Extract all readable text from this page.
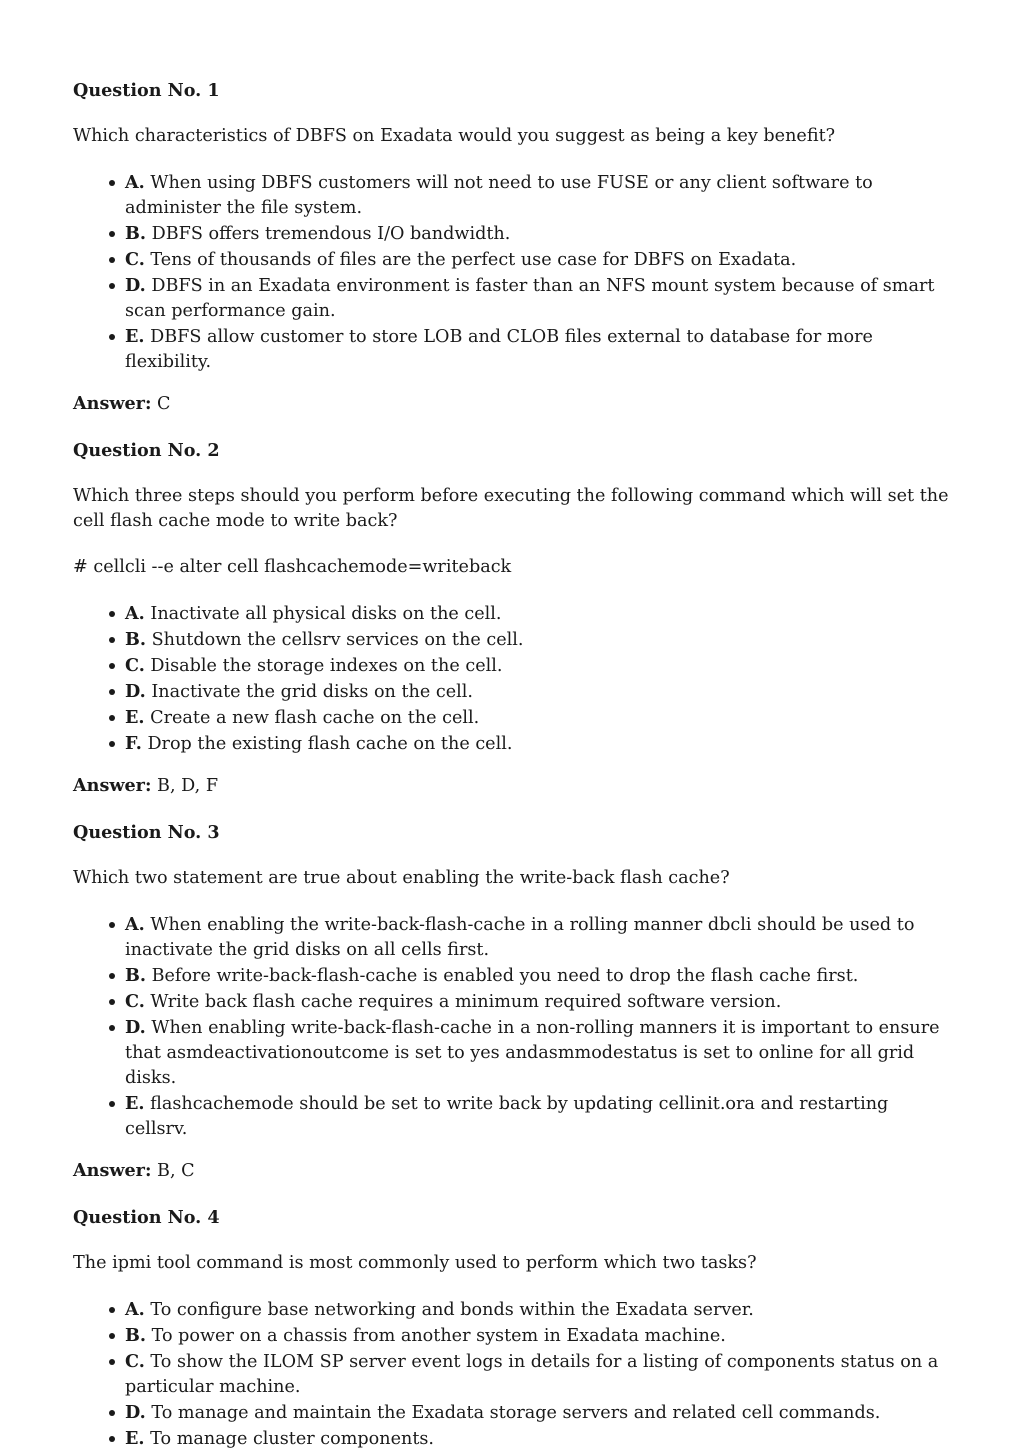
Question No. 1
Which characteristics of DBFS on Exadata would you suggest as being a key benefit?
A. When using DBFS customers will not need to use FUSE or any client software to administer the file system.
B. DBFS offers tremendous I/O bandwidth.
C. Tens of thousands of files are the perfect use case for DBFS on Exadata.
D. DBFS in an Exadata environment is faster than an NFS mount system because of smart scan performance gain.
E. DBFS allow customer to store LOB and CLOB files external to database for more flexibility.
Answer: C
Question No. 2
Which three steps should you perform before executing the following command which will set the cell flash cache mode to write back?
# cellcli --e alter cell flashcachemode=writeback
A. Inactivate all physical disks on the cell.
B. Shutdown the cellsrv services on the cell.
C. Disable the storage indexes on the cell.
D. Inactivate the grid disks on the cell.
E. Create a new flash cache on the cell.
F. Drop the existing flash cache on the cell.
Answer: B, D, F
Question No. 3
Which two statement are true about enabling the write-back flash cache?
A. When enabling the write-back-flash-cache in a rolling manner dbcli should be used to inactivate the grid disks on all cells first.
B. Before write-back-flash-cache is enabled you need to drop the flash cache first.
C. Write back flash cache requires a minimum required software version.
D. When enabling write-back-flash-cache in a non-rolling manners it is important to ensure that asmdeactivationoutcome is set to yes andasmmodestatus is set to online for all grid disks.
E. flashcachemode should be set to write back by updating cellinit.ora and restarting cellsrv.
Answer: B, C
Question No. 4
The ipmi tool command is most commonly used to perform which two tasks?
A. To configure base networking and bonds within the Exadata server.
B. To power on a chassis from another system in Exadata machine.
C. To show the ILOM SP server event logs in details for a listing of components status on a particular machine.
D. To manage and maintain the Exadata storage servers and related cell commands.
E. To manage cluster components.
